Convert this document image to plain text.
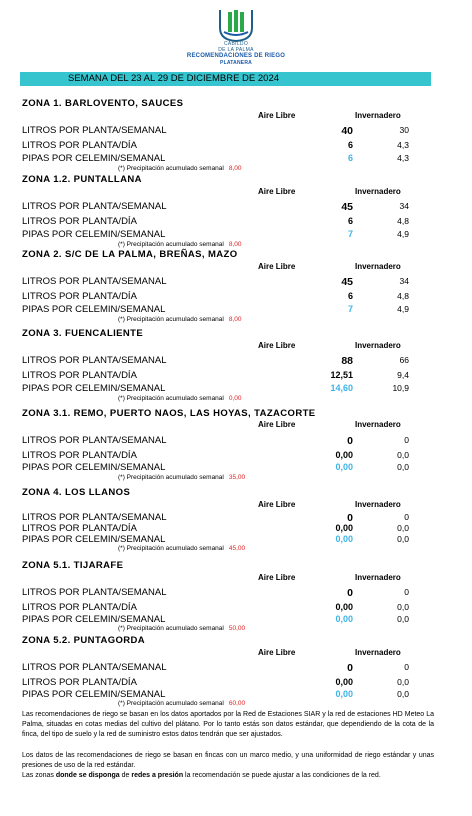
CABILDO
DE LA PALMA
RECOMENDACIONES DE RIEGO
PLATANERA
SEMANA DEL 23 AL 29 DE DICIEMBRE DE 2024
ZONA 1. BARLOVENTO, SAUCES
Aire Libre	Invernadero
LITROS POR PLANTA/SEMANAL	40	30
LITROS POR PLANTA/DÍA	6	4,3
PIPAS POR CELEMIN/SEMANAL	6	4,3
(*) Precipitación acumulado semanal 8,00
ZONA 1.2. PUNTALLANA
Aire Libre	Invernadero
LITROS POR PLANTA/SEMANAL	45	34
LITROS POR PLANTA/DÍA	6	4,8
PIPAS POR CELEMIN/SEMANAL	7	4,9
(*) Precipitación acumulado semanal 8,00
ZONA 2. S/C DE LA PALMA, BREÑAS, MAZO
Aire Libre	Invernadero
LITROS POR PLANTA/SEMANAL	45	34
LITROS POR PLANTA/DÍA	6	4,8
PIPAS POR CELEMIN/SEMANAL	7	4,9
(*) Precipitación acumulado semanal 8,00
ZONA 3. FUENCALIENTE
Aire Libre	Invernadero
LITROS POR PLANTA/SEMANAL	88	66
LITROS POR PLANTA/DÍA	12,51	9,4
PIPAS POR CELEMIN/SEMANAL	14,60	10,9
(*) Precipitación acumulado semanal 0,00
ZONA 3.1. REMO, PUERTO NAOS, LAS HOYAS, TAZACORTE
Aire Libre	Invernadero
LITROS POR PLANTA/SEMANAL	0	0
LITROS POR PLANTA/DÍA	0,00	0,0
PIPAS POR CELEMIN/SEMANAL	0,00	0,0
(*) Precipitación acumulado semanal 35,00
ZONA 4. LOS LLANOS
Aire Libre	Invernadero
LITROS POR PLANTA/SEMANAL	0	0
LITROS POR PLANTA/DÍA	0,00	0,0
PIPAS POR CELEMIN/SEMANAL	0,00	0,0
(*) Precipitación acumulado semanal 45,00
ZONA 5.1. TIJARAFE
Aire Libre	Invernadero
LITROS POR PLANTA/SEMANAL	0	0
LITROS POR PLANTA/DÍA	0,00	0,0
PIPAS POR CELEMIN/SEMANAL	0,00	0,0
(*) Precipitación acumulado semanal 50,00
ZONA 5.2. PUNTAGORDA
Aire Libre	Invernadero
LITROS POR PLANTA/SEMANAL	0	0
LITROS POR PLANTA/DÍA	0,00	0,0
PIPAS POR CELEMIN/SEMANAL	0,00	0,0
(*) Precipitación acumulado semanal 60,00
Las recomendaciones de riego se basan en los datos aportados por la Red de Estaciones SIAR y la red de estaciones HD Meteo La Palma, situadas en cotas medias del cultivo del plátano. Por lo tanto estás son datos estándar, que dependiendo de la cota de la finca, del tipo de suelo y la red de suministro estos datos tendrán que ser ajustados.
Los datos de las recomendaciones de riego se basan en fincas con un marco medio, y una uniformidad de riego estándar y unas presiones de uso de la red estándar.
Las zonas donde se disponga de redes a presión la recomendación se puede ajustar a las condiciones de la red.
